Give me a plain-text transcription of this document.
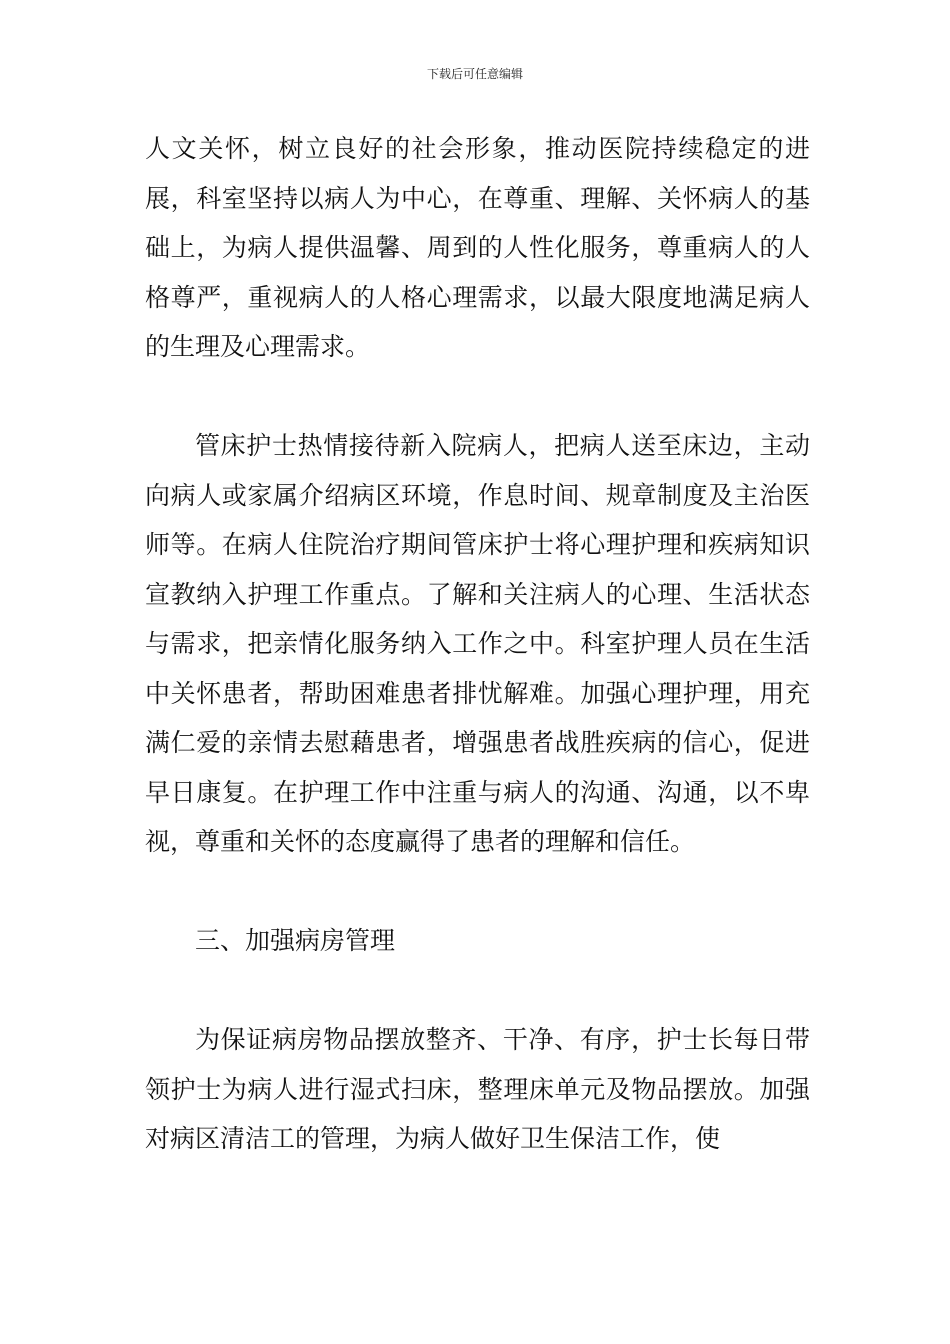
下载后可任意编辑

人文关怀，树立良好的社会形象，推动医院持续稳定的进展，科室坚持以病人为中心，在尊重、理解、关怀病人的基础上，为病人提供温馨、周到的人性化服务，尊重病人的人格尊严，重视病人的人格心理需求，以最大限度地满足病人的生理及心理需求。

管床护士热情接待新入院病人，把病人送至床边，主动向病人或家属介绍病区环境，作息时间、规章制度及主治医师等。在病人住院治疗期间管床护士将心理护理和疾病知识宣教纳入护理工作重点。了解和关注病人的心理、生活状态与需求，把亲情化服务纳入工作之中。科室护理人员在生活中关怀患者，帮助困难患者排忧解难。加强心理护理，用充满仁爱的亲情去慰藉患者，增强患者战胜疾病的信心，促进早日康复。在护理工作中注重与病人的沟通、沟通，以不卑视，尊重和关怀的态度赢得了患者的理解和信任。

三、加强病房管理

为保证病房物品摆放整齐、干净、有序，护士长每日带领护士为病人进行湿式扫床，整理床单元及物品摆放。加强对病区清洁工的管理，为病人做好卫生保洁工作，使
